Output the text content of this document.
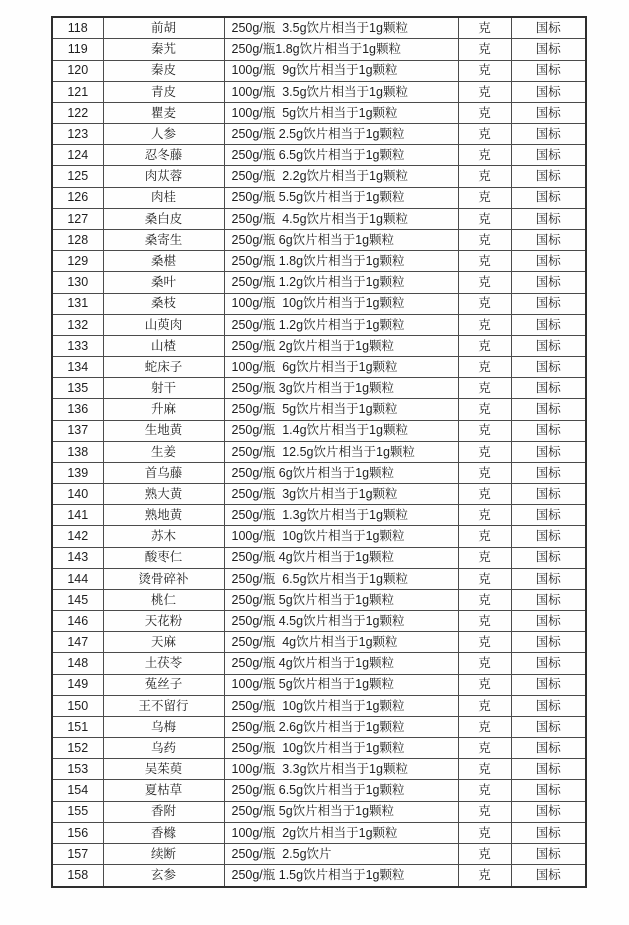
118	前胡	250g/瓶  3.5g饮片相当于1g颗粒	克	国标
119	秦艽	250g/瓶1.8g饮片相当于1g颗粒	克	国标
120	秦皮	100g/瓶  9g饮片相当于1g颗粒	克	国标
121	青皮	100g/瓶  3.5g饮片相当于1g颗粒	克	国标
122	瞿麦	100g/瓶  5g饮片相当于1g颗粒	克	国标
123	人参	250g/瓶 2.5g饮片相当于1g颗粒	克	国标
124	忍冬藤	250g/瓶 6.5g饮片相当于1g颗粒	克	国标
125	肉苁蓉	250g/瓶  2.2g饮片相当于1g颗粒	克	国标
126	肉桂	250g/瓶 5.5g饮片相当于1g颗粒	克	国标
127	桑白皮	250g/瓶  4.5g饮片相当于1g颗粒	克	国标
128	桑寄生	250g/瓶 6g饮片相当于1g颗粒	克	国标
129	桑椹	250g/瓶 1.8g饮片相当于1g颗粒	克	国标
130	桑叶	250g/瓶 1.2g饮片相当于1g颗粒	克	国标
131	桑枝	100g/瓶  10g饮片相当于1g颗粒	克	国标
132	山萸肉	250g/瓶 1.2g饮片相当于1g颗粒	克	国标
133	山楂	250g/瓶 2g饮片相当于1g颗粒	克	国标
134	蛇床子	100g/瓶  6g饮片相当于1g颗粒	克	国标
135	射干	250g/瓶 3g饮片相当于1g颗粒	克	国标
136	升麻	250g/瓶  5g饮片相当于1g颗粒	克	国标
137	生地黄	250g/瓶  1.4g饮片相当于1g颗粒	克	国标
138	生姜	250g/瓶  12.5g饮片相当于1g颗粒	克	国标
139	首乌藤	250g/瓶 6g饮片相当于1g颗粒	克	国标
140	熟大黄	250g/瓶  3g饮片相当于1g颗粒	克	国标
141	熟地黄	250g/瓶  1.3g饮片相当于1g颗粒	克	国标
142	苏木	100g/瓶  10g饮片相当于1g颗粒	克	国标
143	酸枣仁	250g/瓶 4g饮片相当于1g颗粒	克	国标
144	烫骨碎补	250g/瓶  6.5g饮片相当于1g颗粒	克	国标
145	桃仁	250g/瓶 5g饮片相当于1g颗粒	克	国标
146	天花粉	250g/瓶 4.5g饮片相当于1g颗粒	克	国标
147	天麻	250g/瓶  4g饮片相当于1g颗粒	克	国标
148	土茯苓	250g/瓶 4g饮片相当于1g颗粒	克	国标
149	菟丝子	100g/瓶 5g饮片相当于1g颗粒	克	国标
150	王不留行	250g/瓶  10g饮片相当于1g颗粒	克	国标
151	乌梅	250g/瓶 2.6g饮片相当于1g颗粒	克	国标
152	乌药	250g/瓶  10g饮片相当于1g颗粒	克	国标
153	吴茱萸	100g/瓶  3.3g饮片相当于1g颗粒	克	国标
154	夏枯草	250g/瓶 6.5g饮片相当于1g颗粒	克	国标
155	香附	250g/瓶 5g饮片相当于1g颗粒	克	国标
156	香橼	100g/瓶  2g饮片相当于1g颗粒	克	国标
157	续断	250g/瓶  2.5g饮片	克	国标
158	玄参	250g/瓶 1.5g饮片相当于1g颗粒	克	国标
